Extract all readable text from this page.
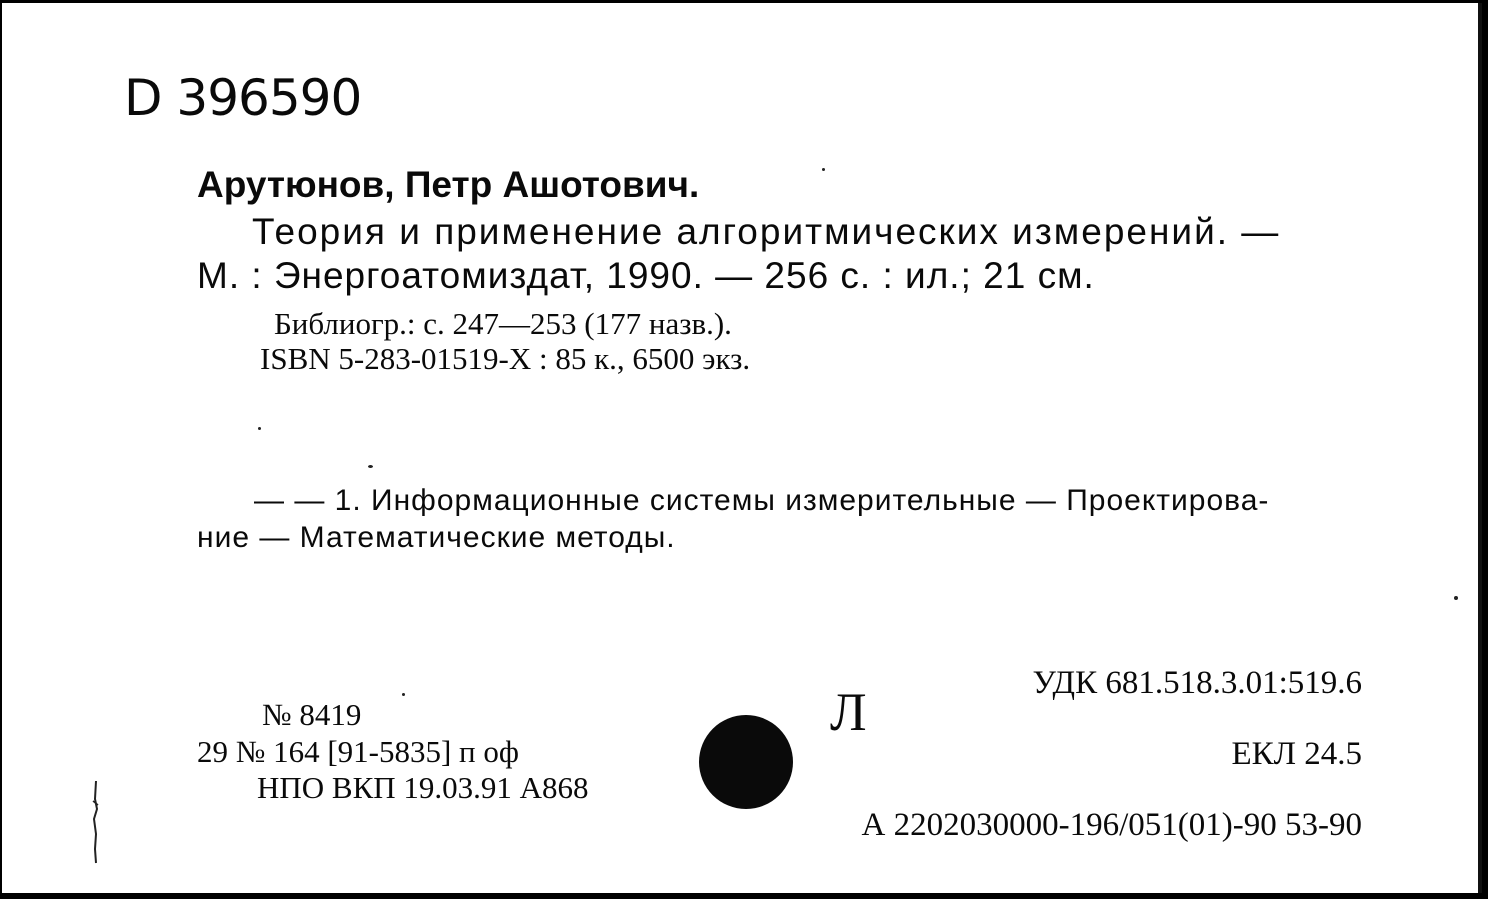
D 396590
Арутюнов, Петр Ашотович.
Теория и применение алгоритмических измерений. —
М. : Энергоатомиздат, 1990. — 256 с. : ил.; 21 см.
Библиогр.: с. 247—253 (177 назв.).
ISBN 5-283-01519-X : 85 к., 6500 экз.
— — 1. Информационные системы измерительные — Проектирова-
ние — Математические методы.
№ 8419
29 № 164 [91-5835] п оф
НПО ВКП 19.03.91 А868
Л	УДК 681.518.3.01:519.6
ЕКЛ 24.5
А 2202030000-196/051(01)-90 53-90
